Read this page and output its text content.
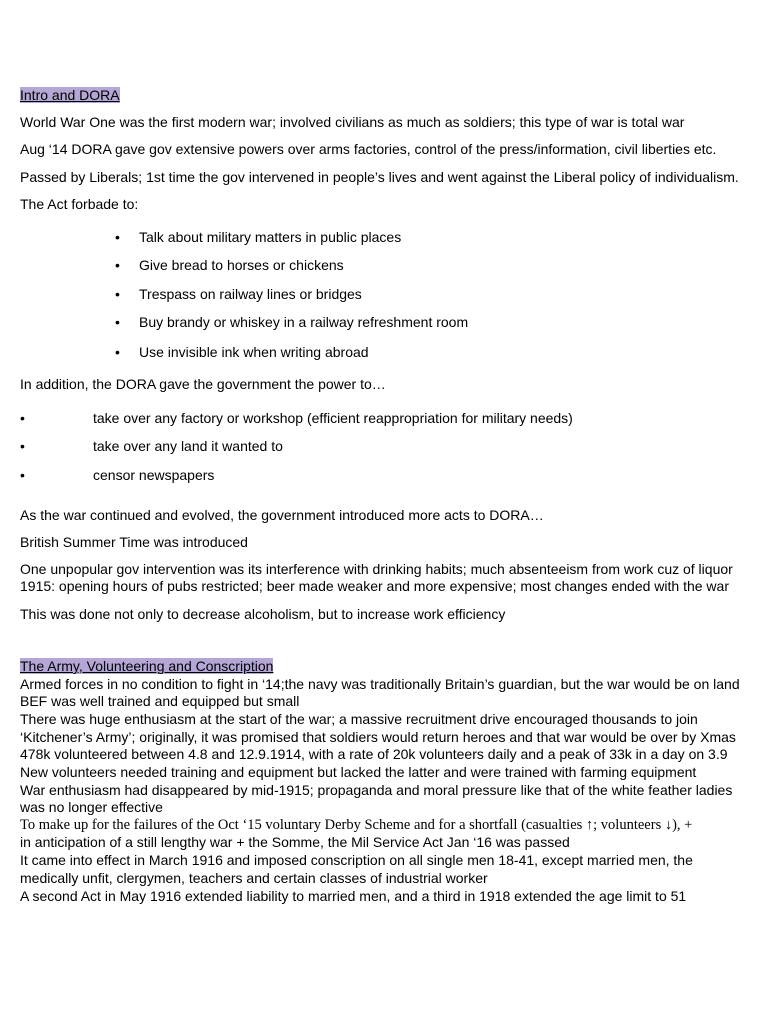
Intro and DORA
World War One was the first modern war; involved civilians as much as soldiers; this type of war is total war
Aug ‘14 DORA gave gov extensive powers over arms factories, control of the press/information, civil liberties etc.
Passed by Liberals; 1st time the gov intervened in people’s lives and went against the Liberal policy of individualism.
The Act forbade to:
• Talk about military matters in public places
• Give bread to horses or chickens
• Trespass on railway lines or bridges
• Buy brandy or whiskey in a railway refreshment room
• Use invisible ink when writing abroad
In addition, the DORA gave the government the power to…
•	take over any factory or workshop (efficient reappropriation for military needs)
•	take over any land it wanted to
•	censor newspapers
As the war continued and evolved, the government introduced more acts to DORA…
British Summer Time was introduced
One unpopular gov intervention was its interference with drinking habits; much absenteeism from work cuz of liquor
1915: opening hours of pubs restricted; beer made weaker and more expensive; most changes ended with the war
This was done not only to decrease alcoholism, but to increase work efficiency
The Army, Volunteering and Conscription
Armed forces in no condition to fight in ‘14;the navy was traditionally Britain’s guardian, but the war would be on land
BEF was well trained and equipped but small
There was huge enthusiasm at the start of the war; a massive recruitment drive encouraged thousands to join
‘Kitchener’s Army’; originally, it was promised that soldiers would return heroes and that war would be over by Xmas
478k volunteered between 4.8 and 12.9.1914, with a rate of 20k volunteers daily and a peak of 33k in a day on 3.9
New volunteers needed training and equipment but lacked the latter and were trained with farming equipment
War enthusiasm had disappeared by mid-1915; propaganda and moral pressure like that of the white feather ladies
was no longer effective
To make up for the failures of the Oct ‘15 voluntary Derby Scheme and for a shortfall (casualties ↑; volunteers ↓), +
in anticipation of a still lengthy war + the Somme, the Mil Service Act Jan ‘16 was passed
It came into effect in March 1916 and imposed conscription on all single men 18-41, except married men, the
medically unfit, clergymen, teachers and certain classes of industrial worker
A second Act in May 1916 extended liability to married men, and a third in 1918 extended the age limit to 51
